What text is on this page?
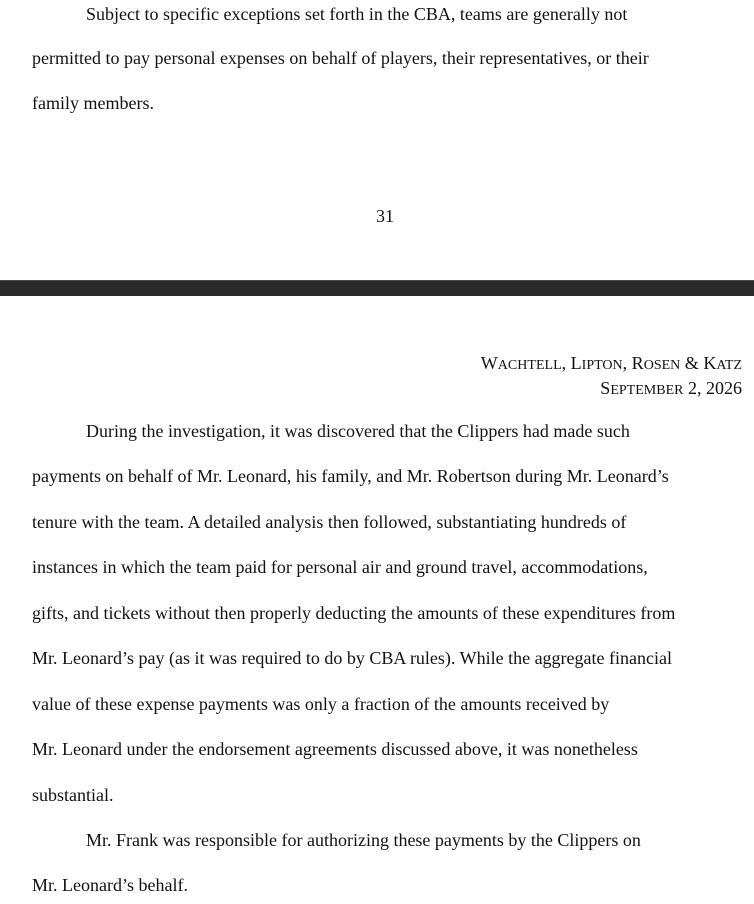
Subject to specific exceptions set forth in the CBA, teams are generally not
permitted to pay personal expenses on behalf of players, their representatives, or their
family members.
31
WACHTELL, LIPTON, ROSEN & KATZ
SEPTEMBER 2, 2026
During the investigation, it was discovered that the Clippers had made such
payments on behalf of Mr. Leonard, his family, and Mr. Robertson during Mr. Leonard’s
tenure with the team. A detailed analysis then followed, substantiating hundreds of
instances in which the team paid for personal air and ground travel, accommodations,
gifts, and tickets without then properly deducting the amounts of these expenditures from
Mr. Leonard’s pay (as it was required to do by CBA rules). While the aggregate financial
value of these expense payments was only a fraction of the amounts received by
Mr. Leonard under the endorsement agreements discussed above, it was nonetheless
substantial.
Mr. Frank was responsible for authorizing these payments by the Clippers on
Mr. Leonard’s behalf.
